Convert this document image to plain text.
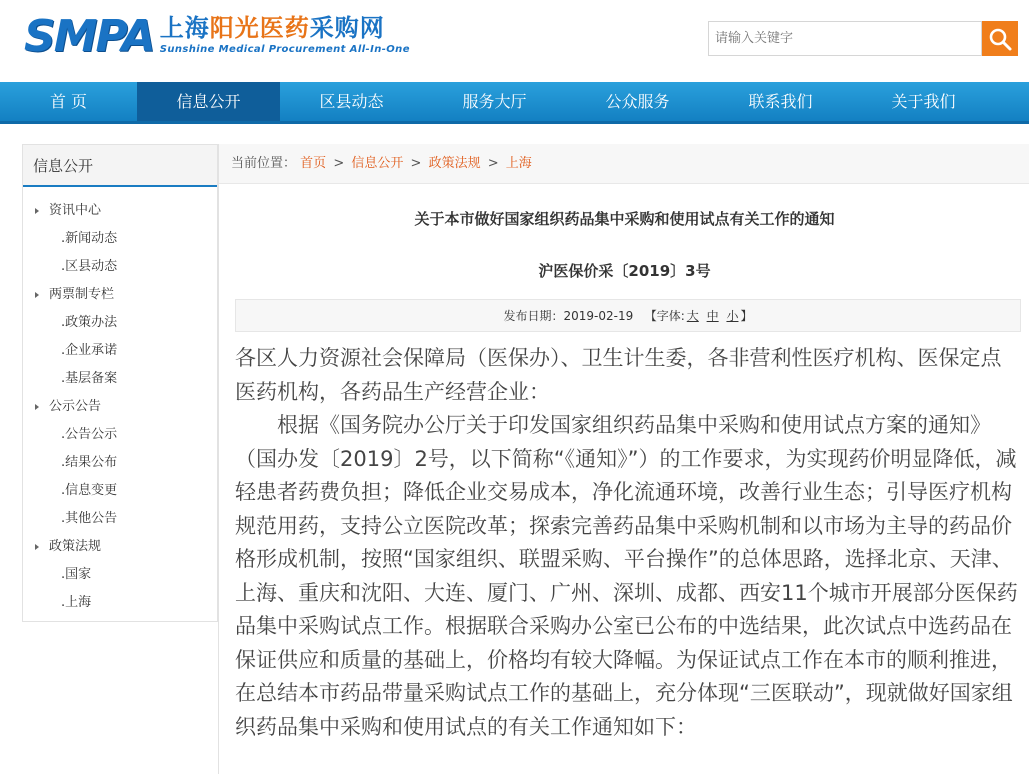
SMPA 上海阳光医药采购网
Sunshine Medical Procurement All-In-One
请输入关键字
首 页	信息公开	区县动态	服务大厅	公众服务	联系我们	关于我们
信息公开
资讯中心
.新闻动态
.区县动态
两票制专栏
.政策办法
.企业承诺
.基层备案
公示公告
.公告公示
.结果公布
.信息变更
.其他公告
政策法规
.国家
.上海
当前位置： 首页 > 信息公开 > 政策法规 > 上海
关于本市做好国家组织药品集中采购和使用试点有关工作的通知
沪医保价采〔2019〕3号
发布日期：2019-02-19 【字体: 大 中 小 】

各区人力资源社会保障局（医保办）、卫生计生委，各非营利性医疗机构、医保定点医药机构，各药品生产经营企业：

根据《国务院办公厅关于印发国家组织药品集中采购和使用试点方案的通知》（国办发〔2019〕2号，以下简称“《通知》”）的工作要求，为实现药价明显降低，减轻患者药费负担；降低企业交易成本，净化流通环境，改善行业生态；引导医疗机构规范用药，支持公立医院改革；探索完善药品集中采购机制和以市场为主导的药品价格形成机制，按照“国家组织、联盟采购、平台操作”的总体思路，选择北京、天津、上海、重庆和沈阳、大连、厦门、广州、深圳、成都、西安11个城市开展部分医保药品集中采购试点工作。根据联合采购办公室已公布的中选结果，此次试点中选药品在保证供应和质量的基础上，价格均有较大降幅。为保证试点工作在本市的顺利推进，在总结本市药品带量采购试点工作的基础上，充分体现“三医联动”，现就做好国家组织药品集中采购和使用试点的有关工作通知如下：
